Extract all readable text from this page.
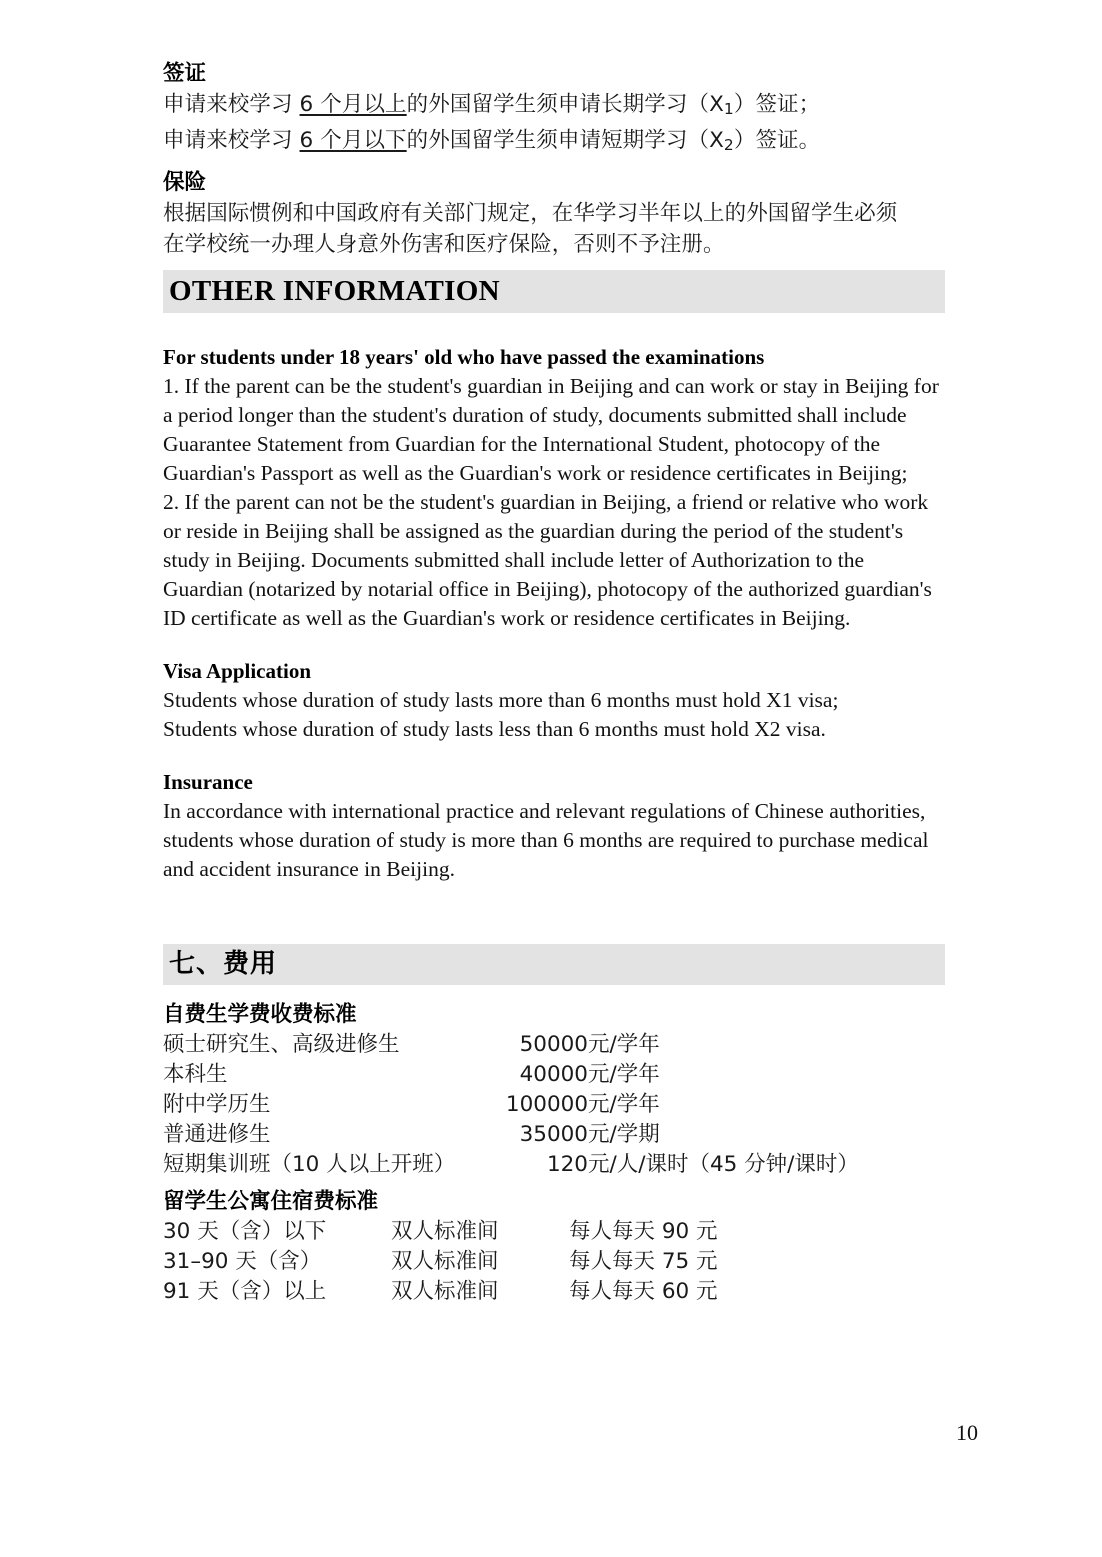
签证
申请来校学习 6 个月以上的外国留学生须申请长期学习（X1）签证；
申请来校学习 6 个月以下的外国留学生须申请短期学习（X2）签证。
保险
根据国际惯例和中国政府有关部门规定，在华学习半年以上的外国留学生必须
在学校统一办理人身意外伤害和医疗保险，否则不予注册。
OTHER INFORMATION
For students under 18 years' old who have passed the examinations
1. If the parent can be the student's guardian in Beijing and can work or stay in Beijing for a period longer than the student's duration of study, documents submitted shall include Guarantee Statement from Guardian for the International Student, photocopy of the Guardian's Passport as well as the Guardian's work or residence certificates in Beijing;
2. If the parent can not be the student's guardian in Beijing, a friend or relative who work or reside in Beijing shall be assigned as the guardian during the period of the student's study in Beijing. Documents submitted shall include letter of Authorization to the Guardian (notarized by notarial office in Beijing), photocopy of the authorized guardian's ID certificate as well as the Guardian's work or residence certificates in Beijing.
Visa Application
Students whose duration of study lasts more than 6 months must hold X1 visa;
Students whose duration of study lasts less than 6 months must hold X2 visa.
Insurance
In accordance with international practice and relevant regulations of Chinese authorities, students whose duration of study is more than 6 months are required to purchase medical and accident insurance in Beijing.
七、费用
自费生学费收费标准
硕士研究生、高级进修生	50000	元/学年
本科生	40000	元/学年
附中学历生	100000	元/学年
普通进修生	35000	元/学期
短期集训班（10 人以上开班）	120	元/人/课时（45 分钟/课时）
留学生公寓住宿费标准
30 天（含）以下	双人标准间	每人每天 90 元
31–90 天（含）	双人标准间	每人每天 75 元
91 天（含）以上	双人标准间	每人每天 60 元
10
